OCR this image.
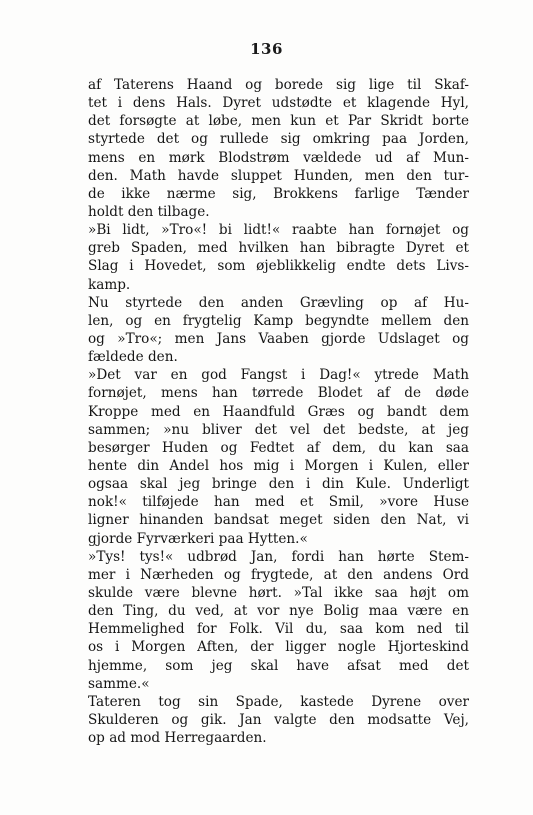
136
af Taterens Haand og borede sig lige til Skaf-
tet i dens Hals. Dyret udstødte et klagende Hyl,
det forsøgte at løbe, men kun et Par Skridt borte
styrtede det og rullede sig omkring paa Jorden,
mens en mørk Blodstrøm vældede ud af Mun-
den. Math havde sluppet Hunden, men den tur-
de ikke nærme sig, Brokkens farlige Tænder
holdt den tilbage.
»Bi lidt, »Tro«! bi lidt!« raabte han fornøjet og
greb Spaden, med hvilken han bibragte Dyret et
Slag i Hovedet, som øjeblikkelig endte dets Livs-
kamp.
Nu styrtede den anden Grævling op af Hu-
len, og en frygtelig Kamp begyndte mellem den
og »Tro«; men Jans Vaaben gjorde Udslaget og
fældede den.
»Det var en god Fangst i Dag!« ytrede Math
fornøjet, mens han tørrede Blodet af de døde
Kroppe med en Haandfuld Græs og bandt dem
sammen; »nu bliver det vel det bedste, at jeg
besørger Huden og Fedtet af dem, du kan saa
hente din Andel hos mig i Morgen i Kulen, eller
ogsaa skal jeg bringe den i din Kule. Underligt
nok!« tilføjede han med et Smil, »vore Huse
ligner hinanden bandsat meget siden den Nat, vi
gjorde Fyrværkeri paa Hytten.«
»Tys! tys!« udbrød Jan, fordi han hørte Stem-
mer i Nærheden og frygtede, at den andens Ord
skulde være blevne hørt. »Tal ikke saa højt om
den Ting, du ved, at vor nye Bolig maa være en
Hemmelighed for Folk. Vil du, saa kom ned til
os i Morgen Aften, der ligger nogle Hjorteskind
hjemme, som jeg skal have afsat med det
samme.«
Tateren tog sin Spade, kastede Dyrene over
Skulderen og gik. Jan valgte den modsatte Vej,
op ad mod Herregaarden.
